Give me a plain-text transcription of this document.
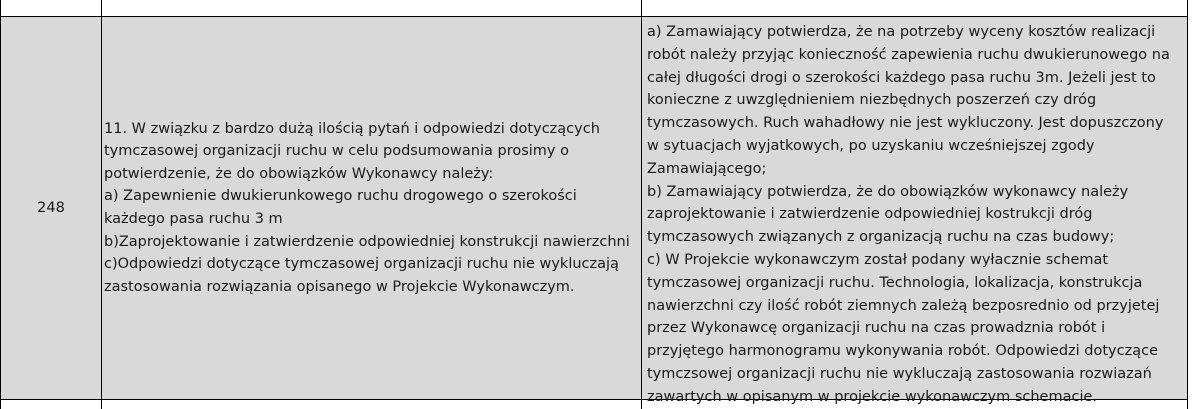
248
11. W związku z bardzo dużą ilością pytań i odpowiedzi dotyczących
tymczasowej organizacji ruchu w celu podsumowania prosimy o
potwierdzenie, że do obowiązków Wykonawcy należy:
a) Zapewnienie dwukierunkowego ruchu drogowego o szerokości
każdego pasa ruchu 3 m
b)Zaprojektowanie i zatwierdzenie odpowiedniej konstrukcji nawierzchni
c)Odpowiedzi dotyczące tymczasowej organizacji ruchu nie wykluczają
zastosowania rozwiązania opisanego w Projekcie Wykonawczym.
a) Zamawiający potwierdza, że na potrzeby wyceny kosztów realizacji
robót należy przyjąc konieczność zapewienia ruchu dwukierunowego na
całej długości drogi o szerokości każdego pasa ruchu 3m. Jeżeli jest to
konieczne z uwzględnieniem niezbędnych poszerzeń czy dróg
tymczasowych. Ruch wahadłowy nie jest wykluczony. Jest dopuszczony
w sytuacjach wyjatkowych, po uzyskaniu wcześniejszej zgody
Zamawiającego;
b) Zamawiający potwierdza, że do obowiązków wykonawcy należy
zaprojektowanie i zatwierdzenie odpowiedniej kostrukcji dróg
tymczasowych związanych z organizacją ruchu na czas budowy;
c) W Projekcie wykonawczym został podany wyłacznie schemat
tymczasowej organizacji ruchu. Technologia, lokalizacja, konstrukcja
nawierzchni czy ilość robót ziemnych zależą bezposrednio od przyjetej
przez Wykonawcę organizacji ruchu na czas prowadznia robót i
przyjętego harmonogramu wykonywania robót. Odpowiedzi dotyczące
tymczsowej organizacji ruchu nie wykluczają zastosowania rozwiazań
zawartych w opisanym w projekcie wykonawczym schemacie.
